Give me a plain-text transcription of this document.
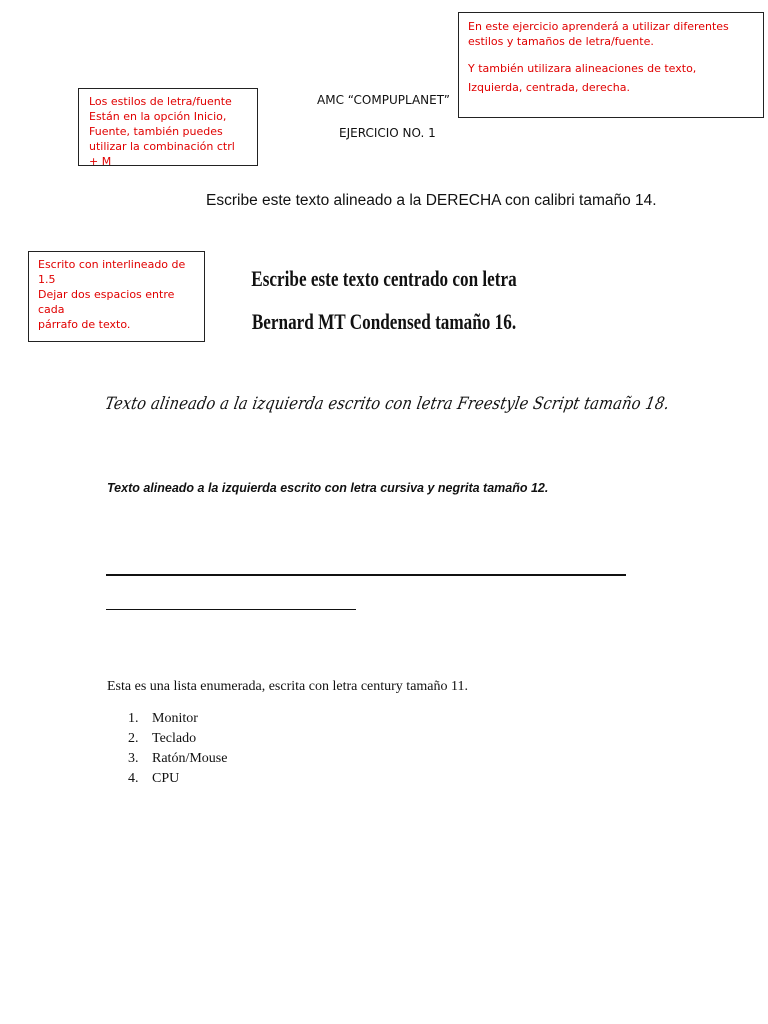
En este ejercicio aprenderá a utilizar diferentes estilos y tamaños de letra/fuente.

Y también utilizara alineaciones de texto, Izquierda, centrada, derecha.

Los estilos de letra/fuente
Están en la opción Inicio,
Fuente, también puedes
utilizar la combinación ctrl + M
Escrito con interlineado de 1.5
Dejar dos espacios entre cada
párrafo de texto.
AMC “COMPUPLANET”
EJERCICIO NO. 1
Escribe este texto alineado a la DERECHA con calibri tamaño 14.
Escribe este texto centrado con letra
Bernard MT Condensed tamaño 16.
Texto alineado a la izquierda escrito con letra Freestyle Script tamaño 18.
Texto alineado a la izquierda escrito con letra cursiva y negrita tamaño 12.
Esta es una lista enumerada, escrita con letra century tamaño 11.
1. Monitor
2. Teclado
3. Ratón/Mouse
4. CPU
